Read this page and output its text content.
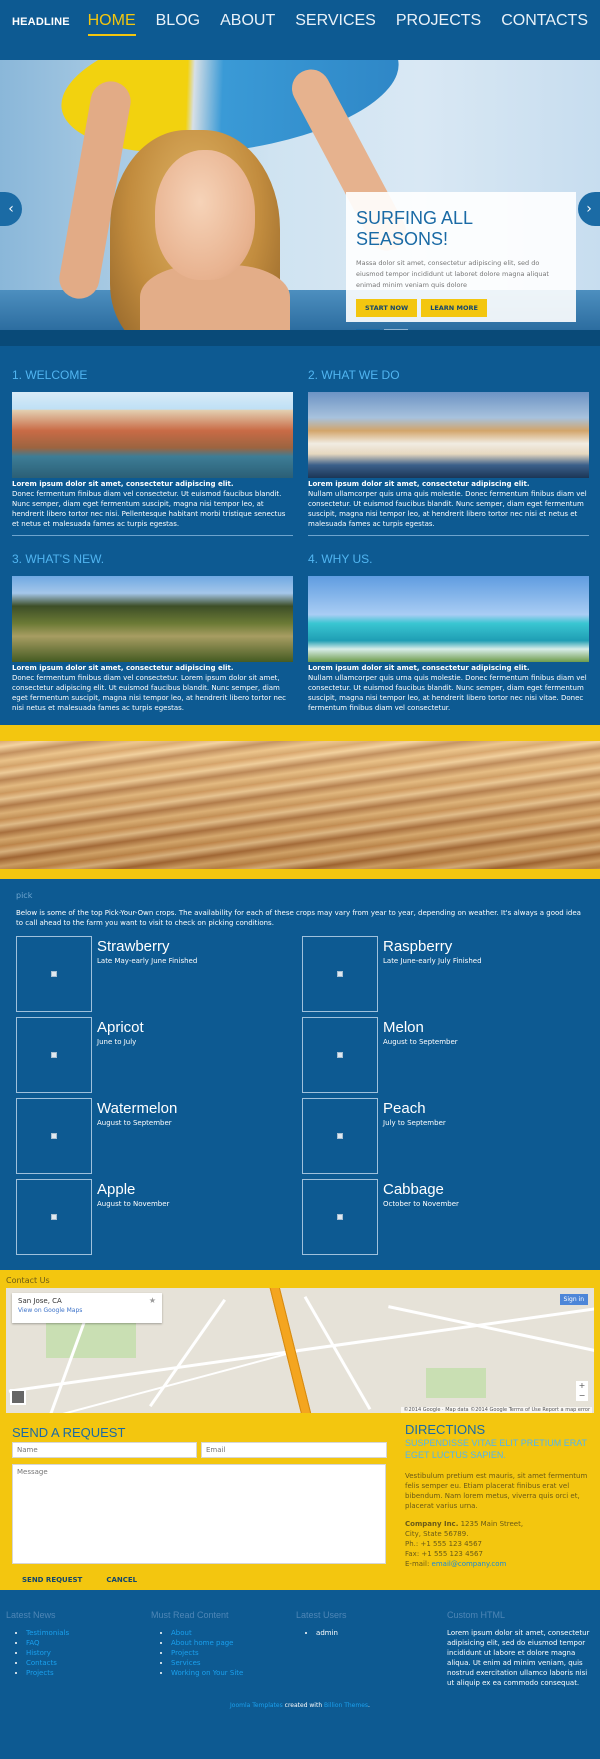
HEADLINE	HOME BLOG ABOUT SERVICES PROJECTS CONTACTS
‹	›
SURFING ALL SEASONS!

Massa dolor sit amet, consectetur adipiscing elit, sed do eiusmod tempor incididunt ut laboret dolore magna aliquat enimad minim veniam quis dolore

START NOW	LEARN MORE
1. WELCOME
Lorem ipsum dolor sit amet, consectetur adipiscing elit.
Donec fermentum finibus diam vel consectetur. Ut euismod faucibus blandit. Nunc semper, diam eget fermentum suscipit, magna nisi tempor leo, at hendrerit libero tortor nec nisi. Pellentesque habitant morbi tristique senectus et netus et malesuada fames ac turpis egestas.
2. WHAT WE DO
Lorem ipsum dolor sit amet, consectetur adipiscing elit.
Nullam ullamcorper quis urna quis molestie. Donec fermentum finibus diam vel consectetur. Ut euismod faucibus blandit. Nunc semper, diam eget fermentum suscipit, magna nisi tempor leo, at hendrerit libero tortor nec nisi et netus et malesuada fames ac turpis egestas.
3. WHAT'S NEW.
Lorem ipsum dolor sit amet, consectetur adipiscing elit.
Donec fermentum finibus diam vel consectetur. Lorem ipsum dolor sit amet, consectetur adipiscing elit. Ut euismod faucibus blandit. Nunc semper, diam eget fermentum suscipit, magna nisi tempor leo, at hendrerit libero tortor nec nisi netus et malesuada fames ac turpis egestas.
4. WHY US.
Lorem ipsum dolor sit amet, consectetur adipiscing elit.
Nullam ullamcorper quis urna quis molestie. Donec fermentum finibus diam vel consectetur. Ut euismod faucibus blandit. Nunc semper, diam eget fermentum suscipit, magna nisi tempor leo, at hendrerit libero tortor nec nisi vitae. Donec fermentum finibus diam vel consectetur.
pick
Below is some of the top Pick-Your-Own crops. The availability for each of these crops may vary from year to year, depending on weather. It's always a good idea to call ahead to the farm you want to visit to check on picking conditions.
Strawberry
Late May-early June Finished
Raspberry
Late June-early July Finished
Apricot
June to July
Melon
August to September
Watermelon
August to September
Peach
July to September
Apple
August to November
Cabbage
October to November
Contact Us
San Jose, CA
View on Google Maps
★	Sign in
+
−
©2014 Google · Map data ©2014 Google Terms of Use Report a map error
SEND A REQUEST
Name
Email
Message
SEND REQUEST	CANCEL
DIRECTIONS
SUSPENDISSE VITAE ELIT PRETIUM ERAT EGET LUCTUS SAPIEN.

Vestibulum pretium est mauris, sit amet fermentum felis semper eu. Etiam placerat finibus erat vel bibendum. Nam lorem metus, viverra quis orci et, placerat varius urna.

Company Inc. 1235 Main Street,
City, State 56789.
Ph.: +1 555 123 4567
Fax: +1 555 123 4567
E-mail: email@company.com
Latest News
• Testimonials
• FAQ
• History
• Contacts
• Projects
Must Read Content
• About
• About home page
• Projects
• Services
• Working on Your Site
Latest Users
• admin
Custom HTML

Lorem ipsum dolor sit amet, consectetur adipisicing elit, sed do eiusmod tempor incididunt ut labore et dolore magna aliqua. Ut enim ad minim veniam, quis nostrud exercitation ullamco laboris nisi ut aliquip ex ea commodo consequat.

Joomla Templates created with Billion Themes.
